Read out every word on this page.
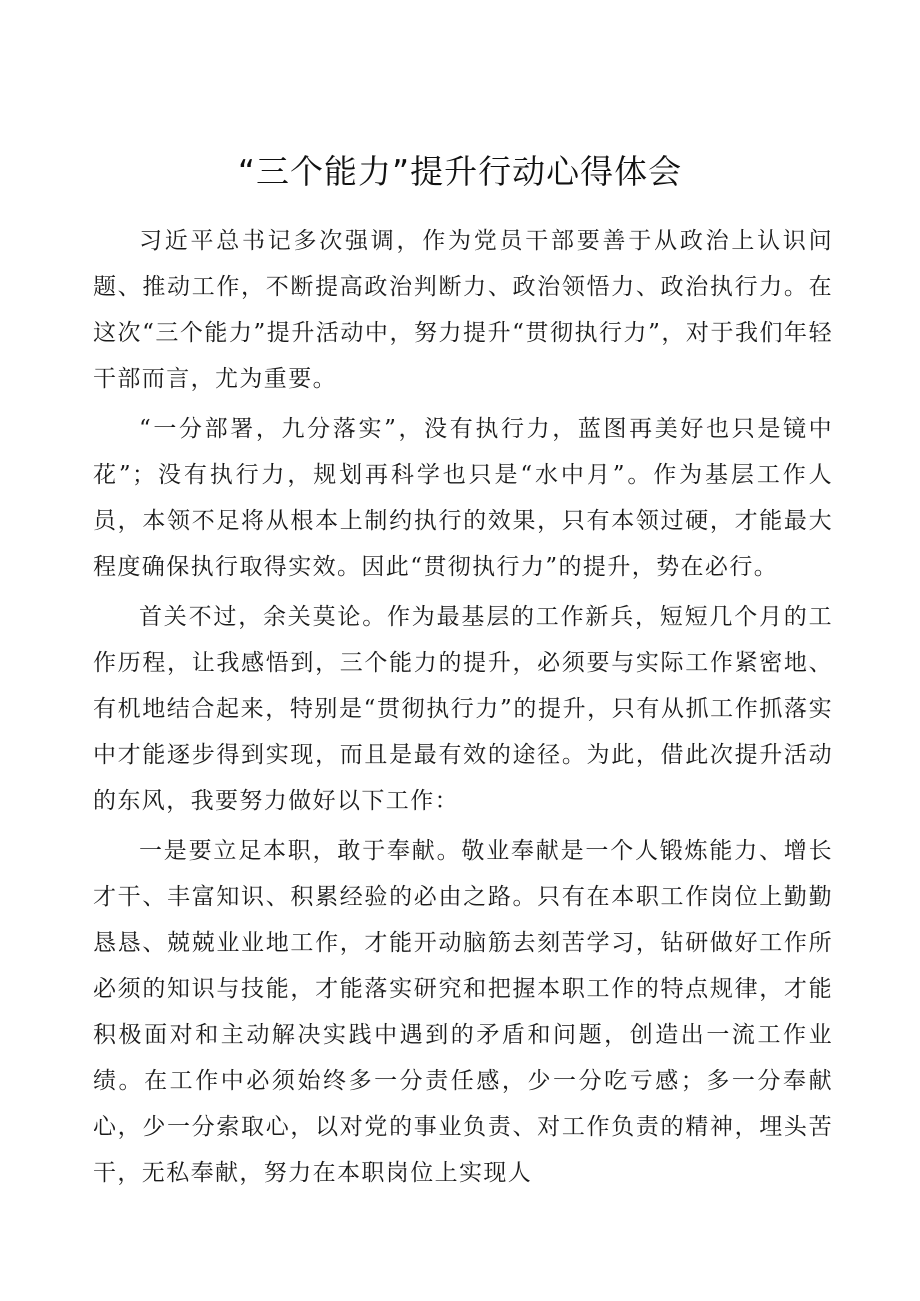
“三个能力”提升行动心得体会

习近平总书记多次强调，作为党员干部要善于从政治上认识问题、推动工作，不断提高政治判断力、政治领悟力、政治执行力。在这次“三个能力”提升活动中，努力提升“贯彻执行力”，对于我们年轻干部而言，尤为重要。

“一分部署，九分落实”，没有执行力，蓝图再美好也只是镜中花”；没有执行力，规划再科学也只是“水中月”。作为基层工作人员，本领不足将从根本上制约执行的效果，只有本领过硬，才能最大程度确保执行取得实效。因此“贯彻执行力”的提升，势在必行。

首关不过，余关莫论。作为最基层的工作新兵，短短几个月的工作历程，让我感悟到，三个能力的提升，必须要与实际工作紧密地、有机地结合起来，特别是“贯彻执行力”的提升，只有从抓工作抓落实中才能逐步得到实现，而且是最有效的途径。为此，借此次提升活动的东风，我要努力做好以下工作：

一是要立足本职，敢于奉献。敬业奉献是一个人锻炼能力、增长才干、丰富知识、积累经验的必由之路。只有在本职工作岗位上勤勤恳恳、兢兢业业地工作，才能开动脑筋去刻苦学习，钻研做好工作所必须的知识与技能，才能落实研究和把握本职工作的特点规律，才能积极面对和主动解决实践中遇到的矛盾和问题，创造出一流工作业绩。在工作中必须始终多一分责任感，少一分吃亏感；多一分奉献心，少一分索取心，以对党的事业负责、对工作负责的精神，埋头苦干，无私奉献，努力在本职岗位上实现人
